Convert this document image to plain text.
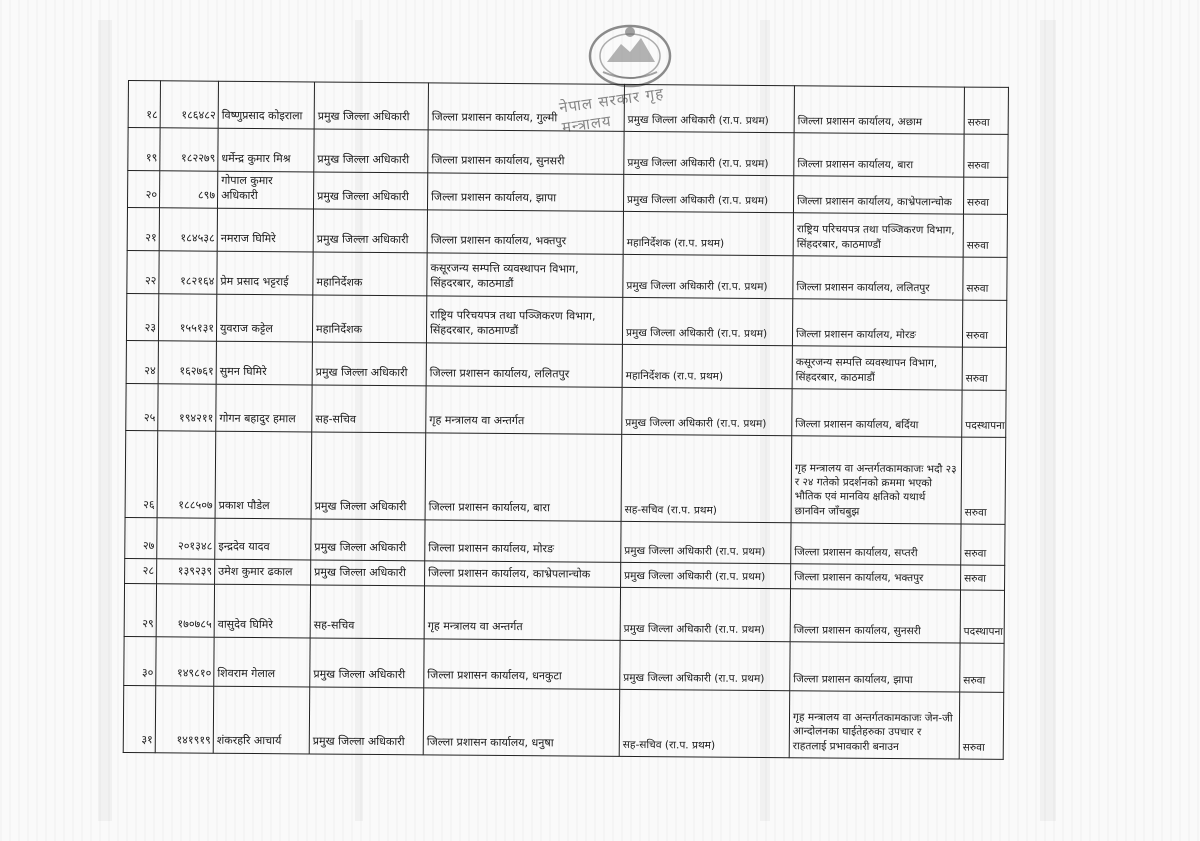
नेपाल सरकार गृह मन्त्रालय
१८	१८६४८२	विष्णुप्रसाद कोइराला	प्रमुख जिल्ला अधिकारी	जिल्ला प्रशासन कार्यालय, गुल्मी	प्रमुख जिल्ला अधिकारी (रा.प. प्रथम)	जिल्ला प्रशासन कार्यालय, अछाम	सरुवा
१९	१८२२७९	धर्मेन्द्र कुमार मिश्र	प्रमुख जिल्ला अधिकारी	जिल्ला प्रशासन कार्यालय, सुनसरी	प्रमुख जिल्ला अधिकारी (रा.प. प्रथम)	जिल्ला प्रशासन कार्यालय, बारा	सरुवा
२०	८९७	गोपाल कुमार अधिकारी	प्रमुख जिल्ला अधिकारी	जिल्ला प्रशासन कार्यालय, झापा	प्रमुख जिल्ला अधिकारी (रा.प. प्रथम)	जिल्ला प्रशासन कार्यालय, काभ्रेपलान्चोक	सरुवा
२१	१८४५३८	नमराज घिमिरे	प्रमुख जिल्ला अधिकारी	जिल्ला प्रशासन कार्यालय, भक्तपुर	महानिर्देशक (रा.प. प्रथम)	राष्ट्रिय परिचयपत्र तथा पञ्जिकरण विभाग, सिंहदरबार, काठमाण्डौं	सरुवा
२२	१८२१६४	प्रेम प्रसाद भट्टराई	महानिर्देशक	कसूरजन्य सम्पत्ति व्यवस्थापन विभाग, सिंहदरबार, काठमाडौं	प्रमुख जिल्ला अधिकारी (रा.प. प्रथम)	जिल्ला प्रशासन कार्यालय, ललितपुर	सरुवा
२३	१५५१३१	युवराज कट्टेल	महानिर्देशक	राष्ट्रिय परिचयपत्र तथा पञ्जिकरण विभाग, सिंहदरबार, काठमाण्डौं	प्रमुख जिल्ला अधिकारी (रा.प. प्रथम)	जिल्ला प्रशासन कार्यालय, मोरङ	सरुवा
२४	१६२७६१	सुमन घिमिरे	प्रमुख जिल्ला अधिकारी	जिल्ला प्रशासन कार्यालय, ललितपुर	महानिर्देशक (रा.प. प्रथम)	कसूरजन्य सम्पत्ति व्यवस्थापन विभाग, सिंहदरबार, काठमाडौं	सरुवा
२५	१९४२११	गोगन बहादुर हमाल	सह-सचिव	गृह मन्त्रालय वा अन्तर्गत	प्रमुख जिल्ला अधिकारी (रा.प. प्रथम)	जिल्ला प्रशासन कार्यालय, बर्दिया	पदस्थापना
२६	१८८५०७	प्रकाश पौडेल	प्रमुख जिल्ला अधिकारी	जिल्ला प्रशासन कार्यालय, बारा	सह-सचिव (रा.प. प्रथम)	गृह मन्त्रालय वा अन्तर्गतकामकाजः भदौ २३ र २४ गतेको प्रदर्शनको क्रममा भएको भौतिक एवं मानविय क्षतिको यथार्थ छानविन जाँचबुझ	सरुवा
२७	२०१३४८	इन्द्रदेव यादव	प्रमुख जिल्ला अधिकारी	जिल्ला प्रशासन कार्यालय, मोरङ	प्रमुख जिल्ला अधिकारी (रा.प. प्रथम)	जिल्ला प्रशासन कार्यालय, सप्तरी	सरुवा
२८	१३९२३९	उमेश कुमार ढकाल	प्रमुख जिल्ला अधिकारी	जिल्ला प्रशासन कार्यालय, काभ्रेपलान्चोक	प्रमुख जिल्ला अधिकारी (रा.प. प्रथम)	जिल्ला प्रशासन कार्यालय, भक्तपुर	सरुवा
२९	१७०७८५	वासुदेव घिमिरे	सह-सचिव	गृह मन्त्रालय वा अन्तर्गत	प्रमुख जिल्ला अधिकारी (रा.प. प्रथम)	जिल्ला प्रशासन कार्यालय, सुनसरी	पदस्थापना
३०	१४९८१०	शिवराम गेलाल	प्रमुख जिल्ला अधिकारी	जिल्ला प्रशासन कार्यालय, धनकुटा	प्रमुख जिल्ला अधिकारी (रा.प. प्रथम)	जिल्ला प्रशासन कार्यालय, झापा	सरुवा
३१	१४१९१९	शंकरहरि आचार्य	प्रमुख जिल्ला अधिकारी	जिल्ला प्रशासन कार्यालय, धनुषा	सह-सचिव (रा.प. प्रथम)	गृह मन्त्रालय वा अन्तर्गतकामकाजः जेन-जी आन्दोलनका घाईतेहरुका उपचार र राहतलाई प्रभावकारी बनाउन	सरुवा
